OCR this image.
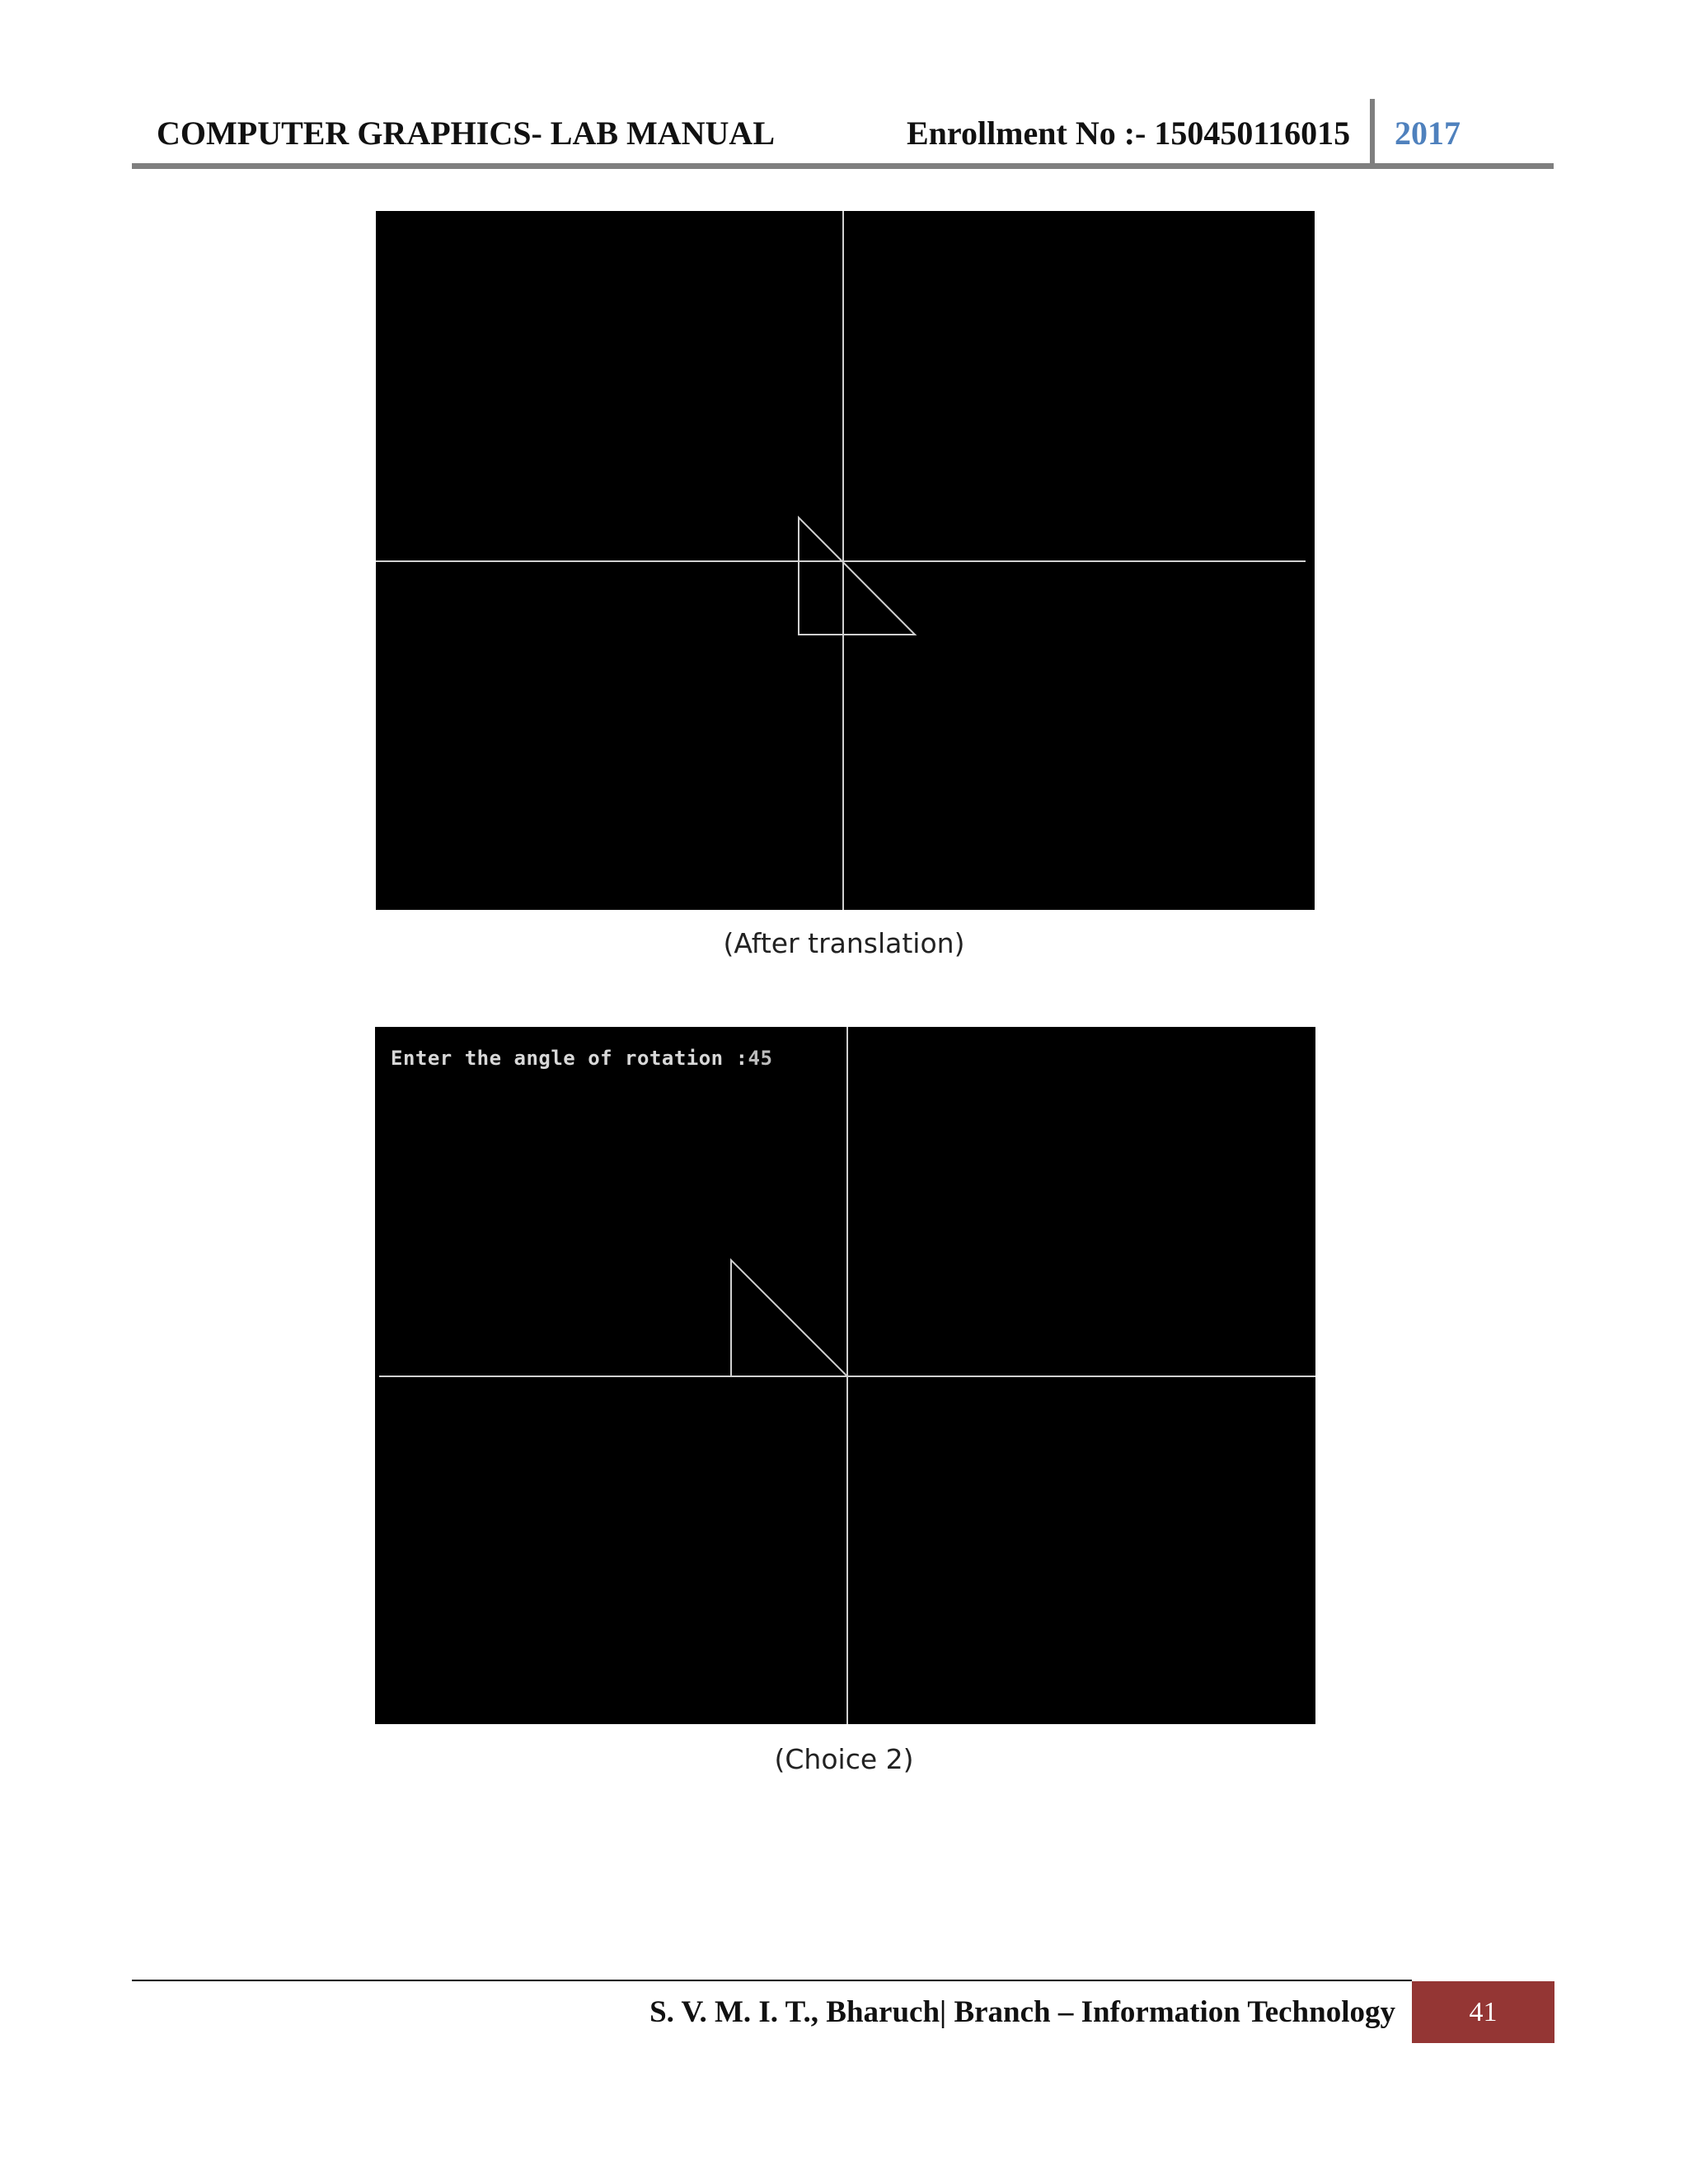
COMPUTER GRAPHICS- LAB MANUAL	Enrollment No :- 150450116015 2017
(After translation)
Enter the angle of rotation :45
(Choice 2)
S. V. M. I. T., Bharuch| Branch – Information Technology	41
